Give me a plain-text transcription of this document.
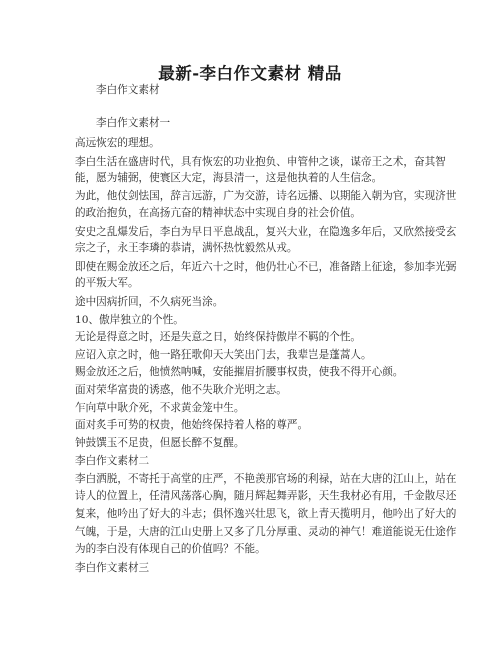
最新-李白作文素材 精品
李白作文素材
李白作文素材一
高远恢宏的理想。
李白生活在盛唐时代，具有恢宏的功业抱负、申管仲之谈，谋帝王之术，奋其智
能，愿为辅弼，使寰区大定，海县清一，这是他执着的人生信念。
为此，他仗剑怯国，辞言远游，广为交游，诗名远播、以期能入朝为官，实现济世
的政治抱负，在高扬亢奋的精神状态中实现自身的社会价值。
安史之乱爆发后，李白为早日平息战乱，复兴大业，在隐逸多年后，又欣然接受玄
宗之子，永王李璘的恭请，满怀热忱毅然从戎。
即使在赐金放还之后，年近六十之时，他仍壮心不已，准备踏上征途，参加李光弼
的平叛大军。
途中因病折回，不久病死当涂。
10、傲岸独立的个性。
无论是得意之时，还是失意之日，始终保持傲岸不羁的个性。
应诏入京之时，他一路狂歌仰天大笑出门去，我辈岂是蓬蒿人。
赐金放还之后，他愤然呐喊，安能摧眉折腰事权贵，使我不得开心颜。
面对荣华富贵的诱惑，他不失耿介光明之志。
乍向草中耿介死，不求黄金笼中生。
面对炙手可势的权贵，他始终保持着人格的尊严。
钟鼓馔玉不足贵，但愿长醉不复醒。
李白作文素材二
李白洒脱，不寄托于高堂的庄严，不艳羡那官场的利禄，站在大唐的江山上，站在
诗人的位置上，任清风荡落心胸，随月辉起舞弄影，天生我材必有用，千金散尽还
复来，他吟出了好大的斗志；俱怀逸兴壮思飞，欲上青天揽明月，他吟出了好大的
气魄，于是，大唐的江山史册上又多了几分厚重、灵动的神气！难道能说无仕途作
为的李白没有体现自己的价值吗？不能。
李白作文素材三
